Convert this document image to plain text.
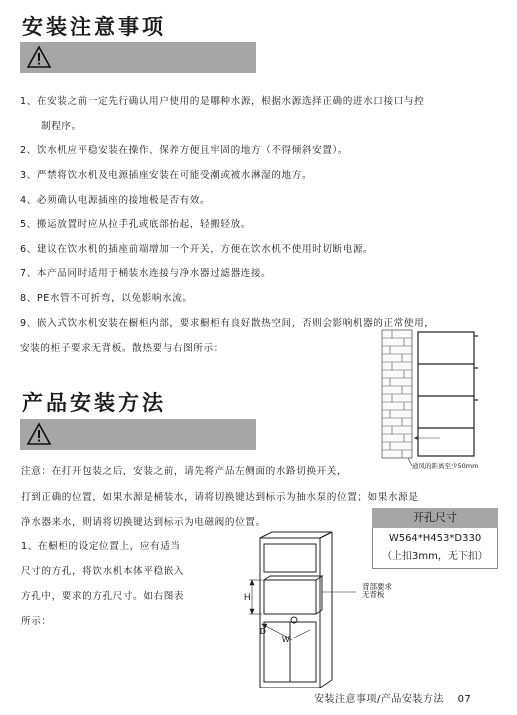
安装注意事项
1、在安装之前一定先行确认用户使用的是哪种水源，根据水源选择正确的进水口接口与控
制程序。
2、饮水机应平稳安装在操作、保养方便且牢固的地方（不得倾斜安置）。
3、严禁将饮水机及电源插座安装在可能受潮或被水淋湿的地方。
4、必须确认电源插座的接地极是否有效。
5、搬运放置时应从拉手孔或底部抬起，轻搬轻放。
6、建议在饮水机的插座前端增加一个开关，方便在饮水机不使用时切断电源。
7、本产品同时适用于桶装水连接与净水器过滤器连接。
8、PE水管不可折弯，以免影响水流。
9、嵌入式饮水机安装在橱柜内部，要求橱柜有良好散热空间，否则会影响机器的正常使用，
安装的柜子要求无背板。散热要与右图所示：
通风的距离至少50mm
产品安装方法
注意：在打开包装之后，安装之前，请先将产品左侧面的水路切换开关，
打到正确的位置，如果水源是桶装水，请将切换键达到标示为抽水泵的位置；如果水源是
净水器来水，则请将切换键达到标示为电磁阀的位置。
1、在橱柜的设定位置上，应有适当
尺寸的方孔，将饮水机本体平稳嵌入
方孔中，要求的方孔尺寸。如右图表
所示：
开孔尺寸
W564*H453*D330
（上扣3mm，无下扣）
H
W
D
背部要求
无背板
安装注意事项/产品安装方法 07
